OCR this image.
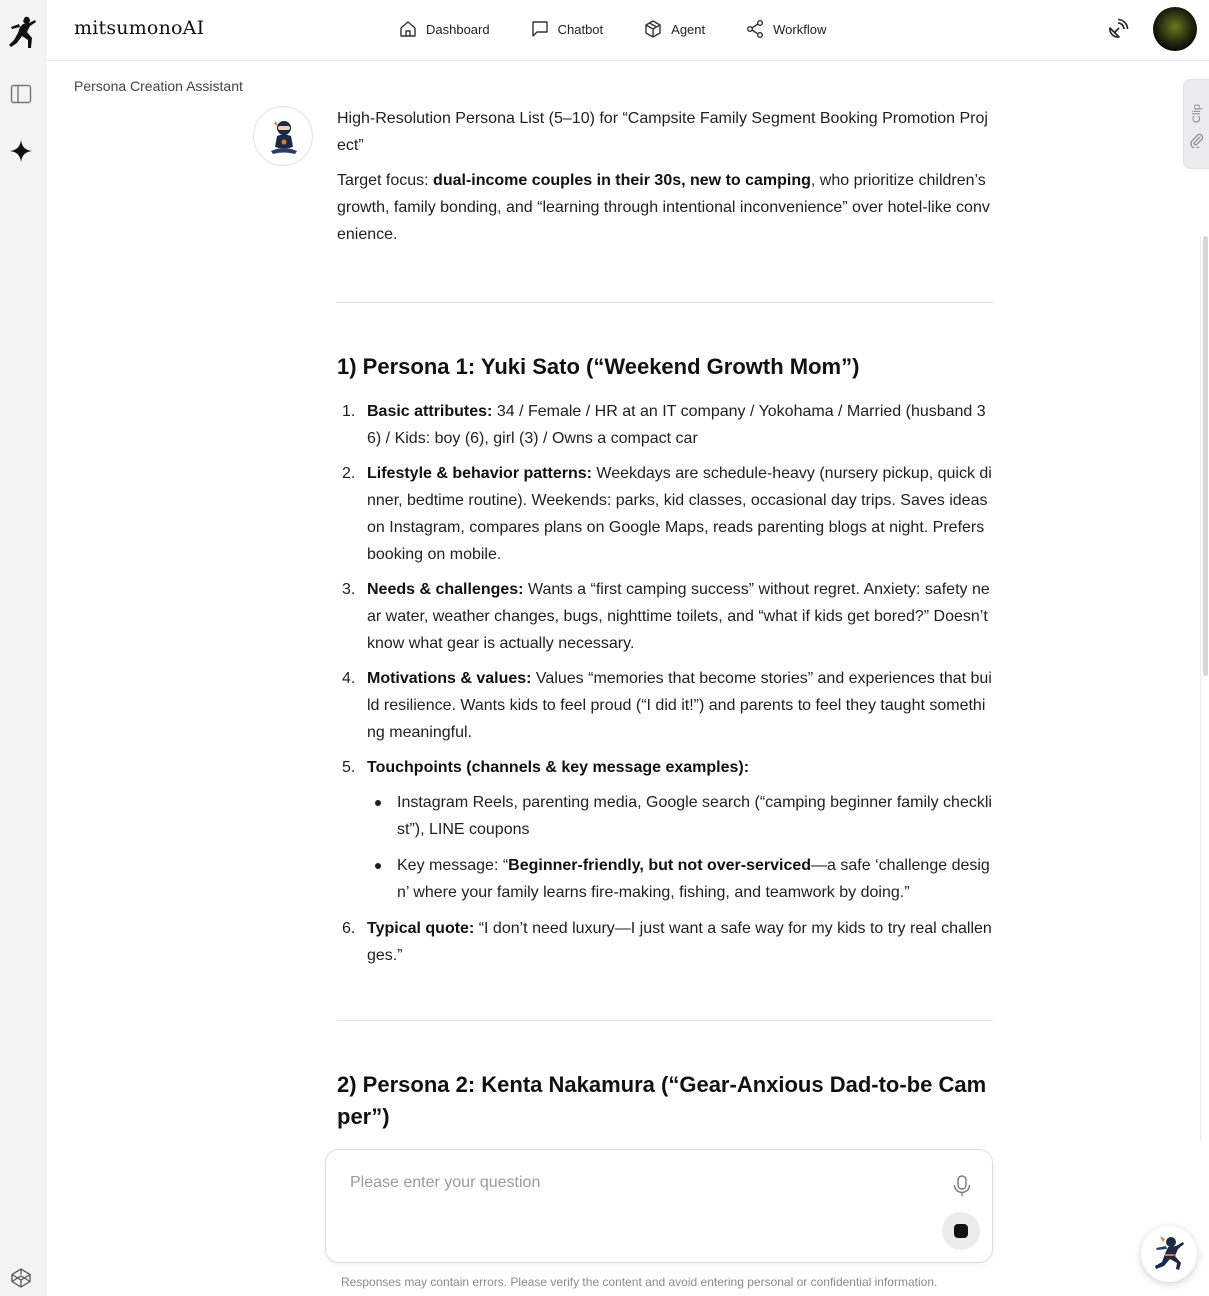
mitsumonoAI	Dashboard	Chatbot	Agent	Workflow
Clip
Persona Creation Assistant

High-Resolution Persona List (5–10) for “Campsite Family Segment Booking Promotion Project”

Target focus: dual-income couples in their 30s, new to camping, who prioritize children’s growth, family bonding, and “learning through intentional inconvenience” over hotel-like convenience.

1) Persona 1: Yuki Sato (“Weekend Growth Mom”)
1. Basic attributes: 34 / Female / HR at an IT company / Yokohama / Married (husband 36) / Kids: boy (6), girl (3) / Owns a compact car
2. Lifestyle & behavior patterns: Weekdays are schedule-heavy (nursery pickup, quick dinner, bedtime routine). Weekends: parks, kid classes, occasional day trips. Saves ideas on Instagram, compares plans on Google Maps, reads parenting blogs at night. Prefers booking on mobile.
3. Needs & challenges: Wants a “first camping success” without regret. Anxiety: safety near water, weather changes, bugs, nighttime toilets, and “what if kids get bored?” Doesn’t know what gear is actually necessary.
4. Motivations & values: Values “memories that become stories” and experiences that build resilience. Wants kids to feel proud (“I did it!”) and parents to feel they taught something meaningful.
5. Touchpoints (channels & key message examples):
Instagram Reels, parenting media, Google search (“camping beginner family checklist”), LINE coupons
Key message: “Beginner-friendly, but not over-serviced—a safe ‘challenge design’ where your family learns fire-making, fishing, and teamwork by doing.”
6. Typical quote: “I don’t need luxury—I just want a safe way for my kids to try real challenges.”
2) Persona 2: Kenta Nakamura (“Gear-Anxious Dad-to-be Camper”)
Please enter your question
Responses may contain errors. Please verify the content and avoid entering personal or confidential information.
